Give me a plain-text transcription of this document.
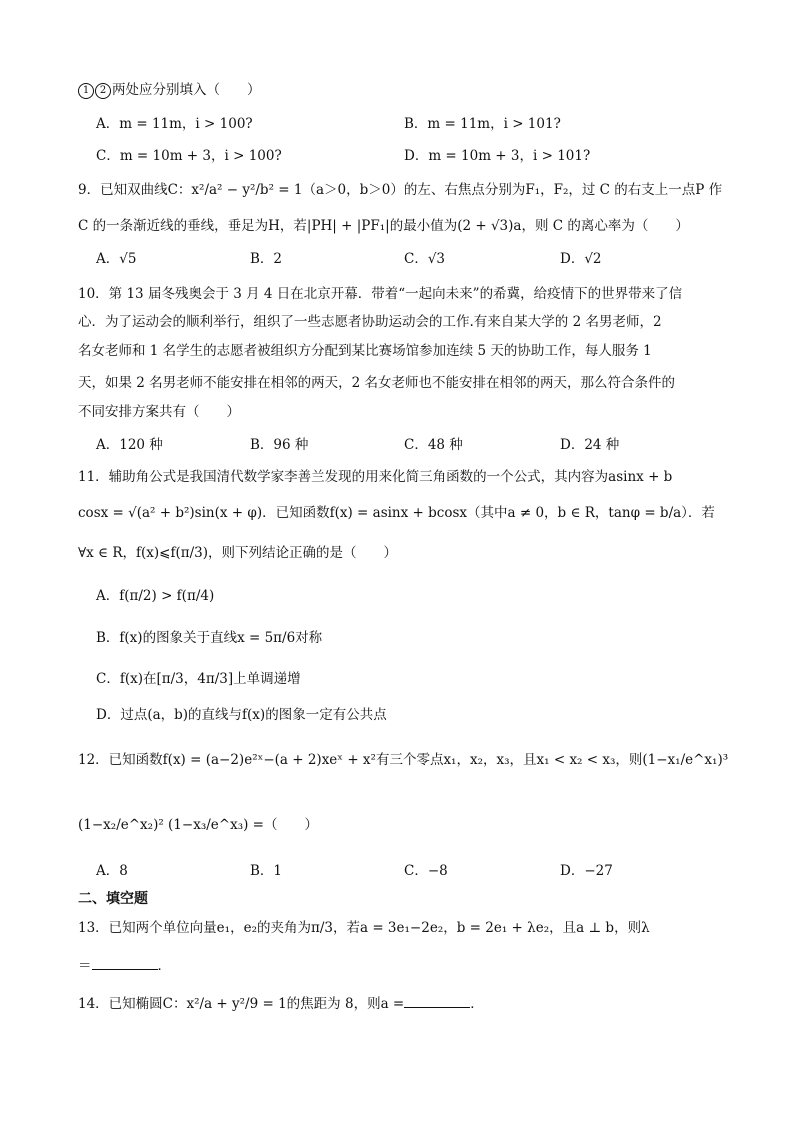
1 2 两处应分别填入（　　）
A．m = 11m，i > 100?	B．m = 11m，i > 101?
C．m = 10m + 3，i > 100?	D．m = 10m + 3，i > 101?
9．已知双曲线C：x²/a² − y²/b² = 1（a＞0，b＞0）的左、右焦点分别为F₁，F₂，过 C 的右支上一点P 作
C 的一条渐近线的垂线，垂足为H，若|PH| + |PF₁|的最小值为(2 + √3)a，则 C 的离心率为（　　）
A．√5	B．2	C．√3	D．√2
10．第 13 届冬残奥会于 3 月 4 日在北京开幕．带着“一起向未来”的希冀，给疫情下的世界带来了信
心．为了运动会的顺利举行，组织了一些志愿者协助运动会的工作.有来自某大学的 2 名男老师，2
名女老师和 1 名学生的志愿者被组织方分配到某比赛场馆参加连续 5 天的协助工作，每人服务 1
天，如果 2 名男老师不能安排在相邻的两天，2 名女老师也不能安排在相邻的两天，那么符合条件的
不同安排方案共有（　　）
A．120 种	B．96 种	C．48 种	D．24 种
11．辅助角公式是我国清代数学家李善兰发现的用来化简三角函数的一个公式，其内容为asinx + b
cosx = √(a² + b²)sin(x + φ)．已知函数f(x) = asinx + bcosx（其中a ≠ 0，b ∈ R，tanφ = b/a）．若
∀x ∈ R，f(x)⩽f(π/3)，则下列结论正确的是（　　）
A．f(π/2) > f(π/4)
B．f(x)的图象关于直线x = 5π/6对称
C．f(x)在[π/3，4π/3]上单调递增
D．过点(a，b)的直线与f(x)的图象一定有公共点
12．已知函数f(x) = (a−2)e²ˣ−(a + 2)xeˣ + x²有三个零点x₁，x₂，x₃，且x₁ < x₂ < x₃，则(1−x₁/e^x₁)³
(1−x₂/e^x₂)² (1−x₃/e^x₃) =（　　）
A．8	B．1	C．−8	D．−27
二、填空题
13．已知两个单位向量e₁，e₂的夹角为π/3，若a = 3e₁−2e₂，b = 2e₁ + λe₂，且a ⊥ b，则λ
＝	．
14．已知椭圆C：x²/a + y²/9 = 1的焦距为 8，则a =	．
